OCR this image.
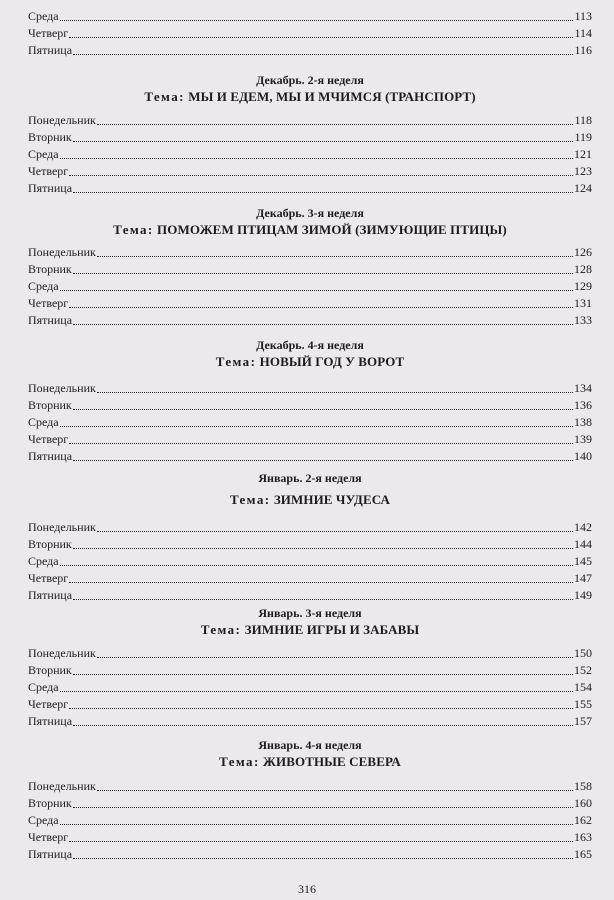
Среда	113
Четверг	114
Пятница	116
Декабрь. 2-я неделя
Тема: МЫ И ЕДЕМ, МЫ И МЧИМСЯ (ТРАНСПОРТ)
Понедельник	118
Вторник	119
Среда	121
Четверг	123
Пятница	124
Декабрь. 3-я неделя
Тема: ПОМОЖЕМ ПТИЦАМ ЗИМОЙ (ЗИМУЮЩИЕ ПТИЦЫ)
Понедельник	126
Вторник	128
Среда	129
Четверг	131
Пятница	133
Декабрь. 4-я неделя
Тема: НОВЫЙ ГОД У ВОРОТ
Понедельник	134
Вторник	136
Среда	138
Четверг	139
Пятница	140
Январь. 2-я неделя
Тема: ЗИМНИЕ ЧУДЕСА
Понедельник	142
Вторник	144
Среда	145
Четверг	147
Пятница	149
Январь. 3-я неделя
Тема: ЗИМНИЕ ИГРЫ И ЗАБАВЫ
Понедельник	150
Вторник	152
Среда	154
Четверг	155
Пятница	157
Январь. 4-я неделя
Тема: ЖИВОТНЫЕ СЕВЕРА
Понедельник	158
Вторник	160
Среда	162
Четверг	163
Пятница	165
316
